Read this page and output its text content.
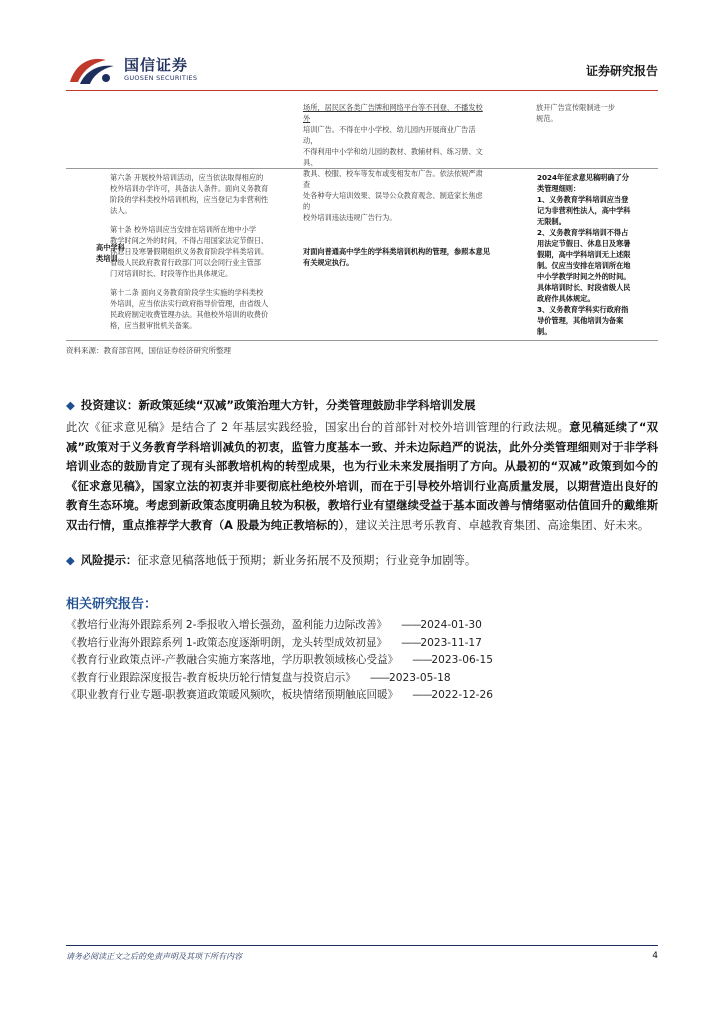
国信证券
GUOSEN SECURITIES	证券研究报告
场所，居民区各类广告牌和网络平台等不刊登、不播发校外
培训广告。不得在中小学校、幼儿园内开展商业广告活动，
不得利用中小学和幼儿园的教材、教辅材料、练习册、文具、
教具、校服、校车等发布或变相发布广告。依法依规严肃查
处各种夸大培训效果、误导公众教育观念、制造家长焦虑的
校外培训违法违规广告行为。
放开广告宣传限制进一步
规范。
高中学科
类培训
第六条 开展校外培训活动，应当依法取得相应的
校外培训办学许可，具备法人条件。面向义务教育
阶段的学科类校外培训机构，应当登记为非营利性
法人。
第十条 校外培训应当安排在培训所在地中小学
教学时间之外的时间，不得占用国家法定节假日、
休息日及寒暑假期组织义务教育阶段学科类培训。
省级人民政府教育行政部门可以会同行业主管部
门对培训时长、时段等作出具体规定。
第十二条 面向义务教育阶段学生实施的学科类校
外培训，应当依法实行政府指导价管理，由省级人
民政府制定收费管理办法。其他校外培训的收费价
格，应当报审批机关备案。
对面向普通高中学生的学科类培训机构的管理，参照本意见
有关规定执行。
2024年征求意见稿明确了分
类管理细则：
1、义务教育学科培训应当登
记为非营利性法人，高中学科
无限制。
2、义务教育学科培训不得占
用法定节假日、休息日及寒暑
假期，高中学科培训无上述限
制。仅应当安排在培训所在地
中小学教学时间之外的时间。
具体培训时长、时段省级人民
政府作具体规定。
3、义务教育学科实行政府指
导价管理，其他培训为备案
制。
资料来源：教育部官网，国信证券经济研究所整理
◆ 投资建议：新政策延续“双减”政策治理大方针，分类管理鼓励非学科培训发展
此次《征求意见稿》是结合了 2 年基层实践经验，国家出台的首部针对校外培训管理的行政法规。意见稿延续了“双减”政策对于义务教育学科培训减负的初衷，监管力度基本一致、并未边际趋严的说法，此外分类管理细则对于非学科培训业态的鼓励肯定了现有头部教培机构的转型成果，也为行业未来发展指明了方向。从最初的“双减”政策到如今的《征求意见稿》，国家立法的初衷并非要彻底杜绝校外培训，而在于引导校外培训行业高质量发展，以期营造出良好的教育生态环境。考虑到新政策态度明确且较为积极，教培行业有望继续受益于基本面改善与情绪驱动估值回升的戴维斯双击行情，重点推荐学大教育（A 股最为纯正教培标的），建议关注思考乐教育、卓越教育集团、高途集团、好未来。
◆ 风险提示：征求意见稿落地低于预期；新业务拓展不及预期；行业竞争加剧等。
相关研究报告：
《教培行业海外跟踪系列 2-季报收入增长强劲，盈利能力边际改善》 ——2024-01-30
《教培行业海外跟踪系列 1-政策态度逐渐明朗，龙头转型成效初显》 ——2023-11-17
《教育行业政策点评-产教融合实施方案落地，学历职教领域核心受益》 ——2023-06-15
《教育行业跟踪深度报告-教育板块历轮行情复盘与投资启示》 ——2023-05-18
《职业教育行业专题-职教赛道政策暖风频吹，板块情绪预期触底回暖》 ——2022-12-26
请务必阅读正文之后的免责声明及其项下所有内容	4
